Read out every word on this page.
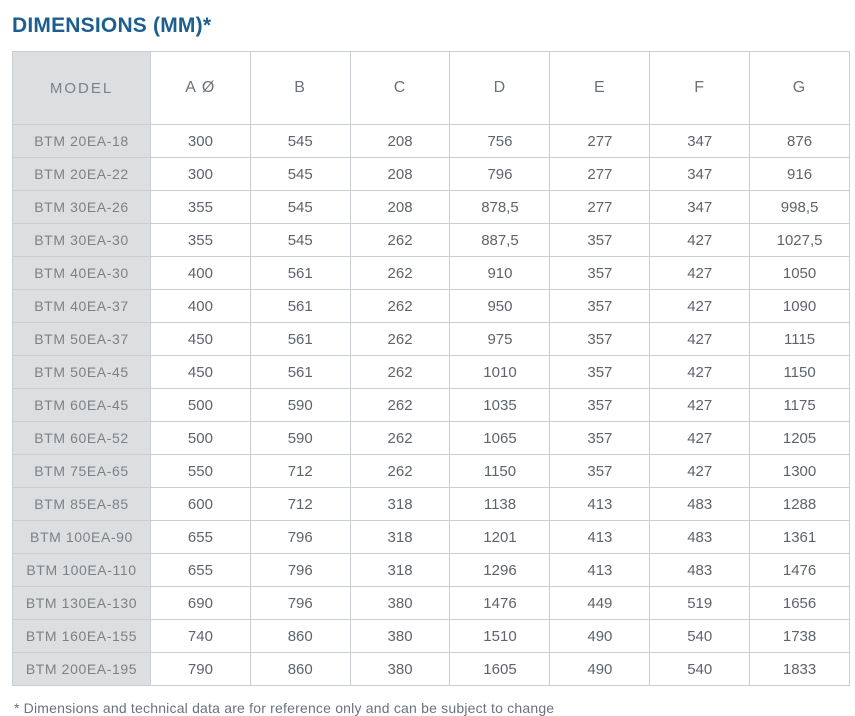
DIMENSIONS (MM)*
MODEL	A Ø	B	C	D	E	F	G
BTM 20EA-18	300	545	208	756	277	347	876
BTM 20EA-22	300	545	208	796	277	347	916
BTM 30EA-26	355	545	208	878,5	277	347	998,5
BTM 30EA-30	355	545	262	887,5	357	427	1027,5
BTM 40EA-30	400	561	262	910	357	427	1050
BTM 40EA-37	400	561	262	950	357	427	1090
BTM 50EA-37	450	561	262	975	357	427	1115
BTM 50EA-45	450	561	262	1010	357	427	1150
BTM 60EA-45	500	590	262	1035	357	427	1175
BTM 60EA-52	500	590	262	1065	357	427	1205
BTM 75EA-65	550	712	262	1150	357	427	1300
BTM 85EA-85	600	712	318	1138	413	483	1288
BTM 100EA-90	655	796	318	1201	413	483	1361
BTM 100EA-110	655	796	318	1296	413	483	1476
BTM 130EA-130	690	796	380	1476	449	519	1656
BTM 160EA-155	740	860	380	1510	490	540	1738
BTM 200EA-195	790	860	380	1605	490	540	1833
* Dimensions and technical data are for reference only and can be subject to change
